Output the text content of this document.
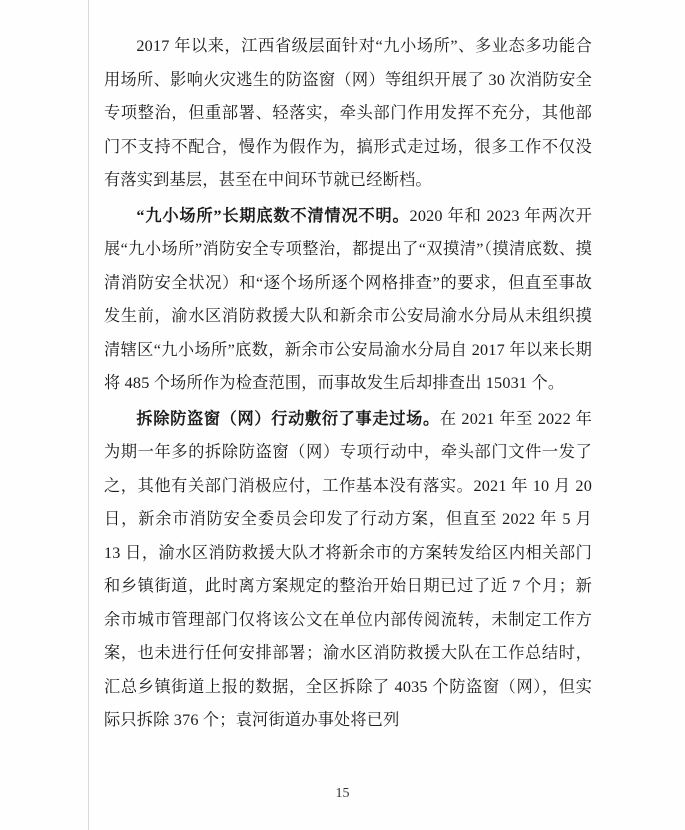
2017 年以来，江西省级层面针对“九小场所”、多业态多功能合用场所、影响火灾逃生的防盗窗（网）等组织开展了 30 次消防安全专项整治，但重部署、轻落实，牵头部门作用发挥不充分，其他部门不支持不配合，慢作为假作为，搞形式走过场，很多工作不仅没有落实到基层，甚至在中间环节就已经断档。

“九小场所”长期底数不清情况不明。2020 年和 2023 年两次开展“九小场所”消防安全专项整治，都提出了“双摸清”（摸清底数、摸清消防安全状况）和“逐个场所逐个网格排查”的要求，但直至事故发生前，渝水区消防救援大队和新余市公安局渝水分局从未组织摸清辖区“九小场所”底数，新余市公安局渝水分局自 2017 年以来长期将 485 个场所作为检查范围，而事故发生后却排查出 15031 个。

拆除防盗窗（网）行动敷衍了事走过场。在 2021 年至 2022 年为期一年多的拆除防盗窗（网）专项行动中，牵头部门文件一发了之，其他有关部门消极应付，工作基本没有落实。2021 年 10 月 20 日，新余市消防安全委员会印发了行动方案，但直至 2022 年 5 月 13 日，渝水区消防救援大队才将新余市的方案转发给区内相关部门和乡镇街道，此时离方案规定的整治开始日期已过了近 7 个月；新余市城市管理部门仅将该公文在单位内部传阅流转，未制定工作方案，也未进行任何安排部署；渝水区消防救援大队在工作总结时，汇总乡镇街道上报的数据，全区拆除了 4035 个防盗窗（网），但实际只拆除 376 个；袁河街道办事处将已列

15
